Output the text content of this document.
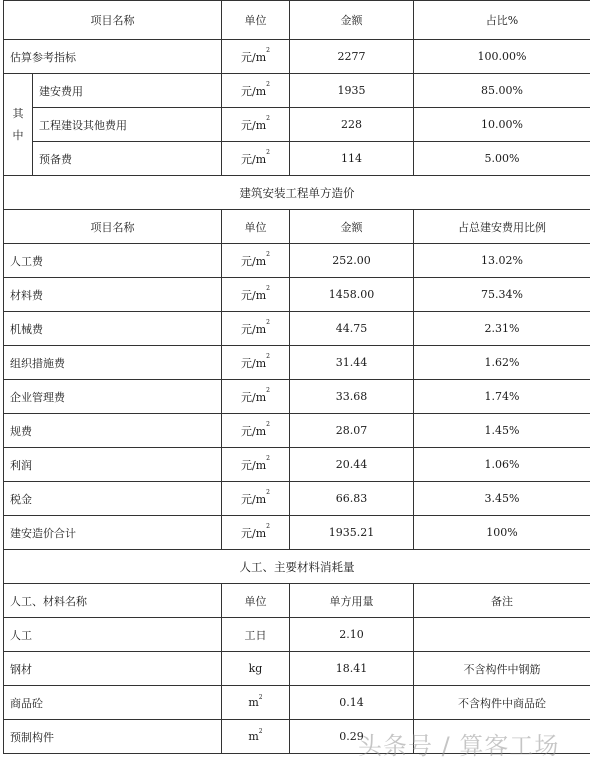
项目名称		单位	金额	占比%
估算参考指标		元$/m^2$	2277	100.00%
其中	建安费用	元$/m^2$	1935	85.00%
	工程建设其他费用	元$/m^2$	228	10.00%
	预备费	元$/m^2$	114	5.00%
建筑安装工程单方造价				
项目名称		单位	金额	占总建安费用比例
人工费		元$/m^2$	252.00	13.02%
材料费		元$/m^2$	1458.00	75.34%
机械费		元$/m^2$	44.75	2.31%
组织措施费		元$/m^2$	31.44	1.62%
企业管理费		元$/m^2$	33.68	1.74%
规费		元$/m^2$	28.07	1.45%
利润		元$/m^2$	20.44	1.06%
税金		元$/m^2$	66.83	3.45%
建安造价合计		元$/m^2$	1935.21	100%
人工、主要材料消耗量				
人工、材料名称		单位	单方用量	备注
人工		工日	2.10	
钢材		kg	18.41	不含构件中钢筋
商品砼		$m^2$	0.14	不含构件中商品砼
预制构件		$m^2$	0.29	
头条号 / 算客工场
